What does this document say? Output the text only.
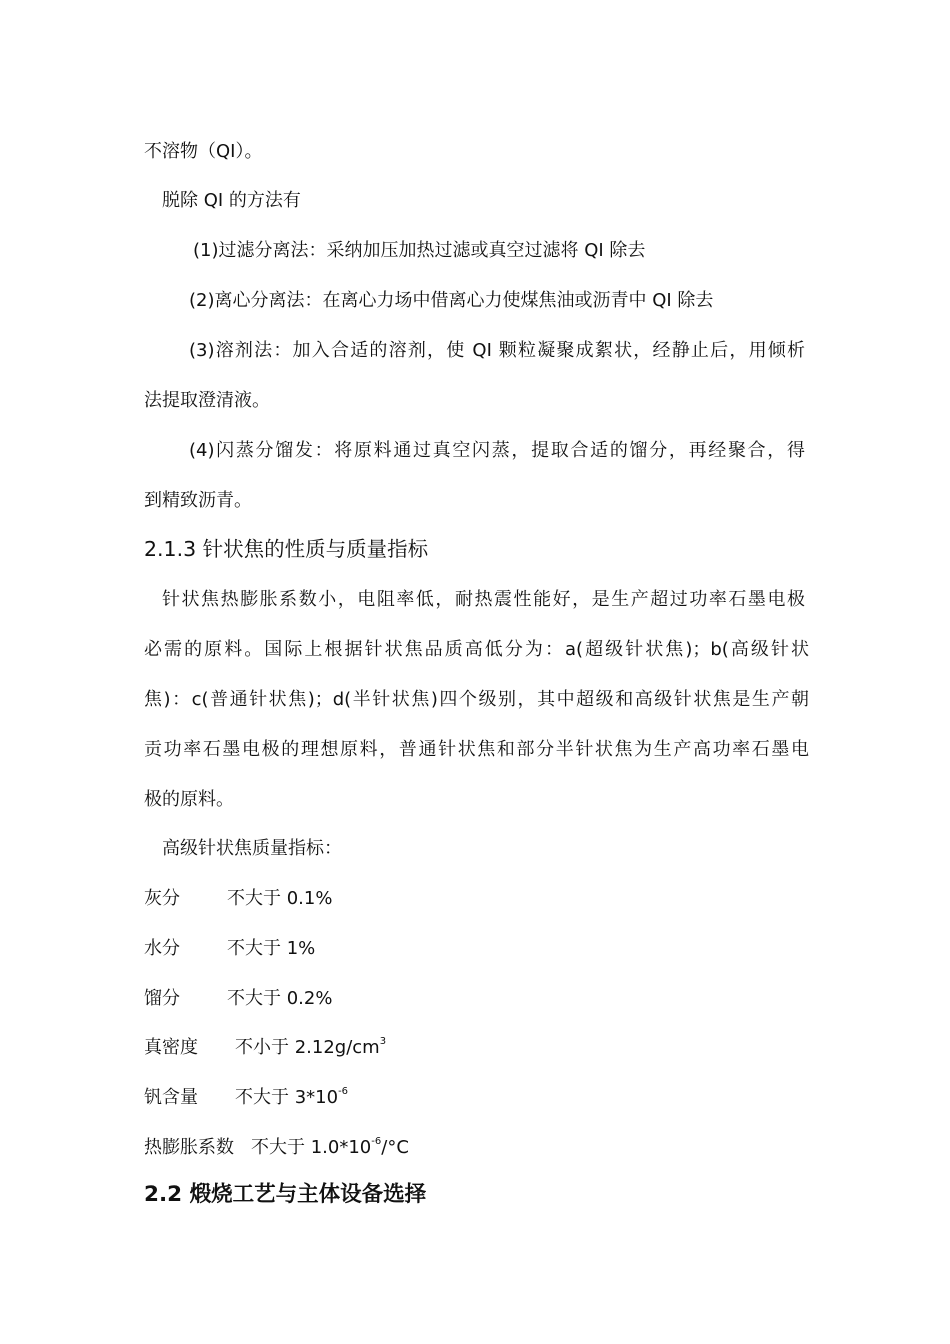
不溶物（QI）。
脱除 QI 的方法有
(1)过滤分离法：采纳加压加热过滤或真空过滤将 QI 除去
(2)离心分离法：在离心力场中借离心力使煤焦油或沥青中 QI 除去
(3)溶剂法：加入合适的溶剂，使 QI 颗粒凝聚成絮状，经静止后，用倾析
法提取澄清液。
(4)闪蒸分馏发：将原料通过真空闪蒸，提取合适的馏分，再经聚合，得
到精致沥青。
2.1.3 针状焦的性质与质量指标
针状焦热膨胀系数小，电阻率低，耐热震性能好，是生产超过功率石墨电极
必需的原料。国际上根据针状焦品质高低分为：a(超级针状焦)；b(高级针状
焦)：c(普通针状焦)；d(半针状焦)四个级别，其中超级和高级针状焦是生产朝
贡功率石墨电极的理想原料，普通针状焦和部分半针状焦为生产高功率石墨电
极的原料。
高级针状焦质量指标：
灰分	不大于 0.1%
水分	不大于 1%
馏分	不大于 0.2%
真密度 不小于 $2.12g/cm^3$
钒含量 不大于 $3*10^{-6}$
热膨胀系数 不大于 $1.0*10^{-6}/^\circ C$
2.2 煅烧工艺与主体设备选择
